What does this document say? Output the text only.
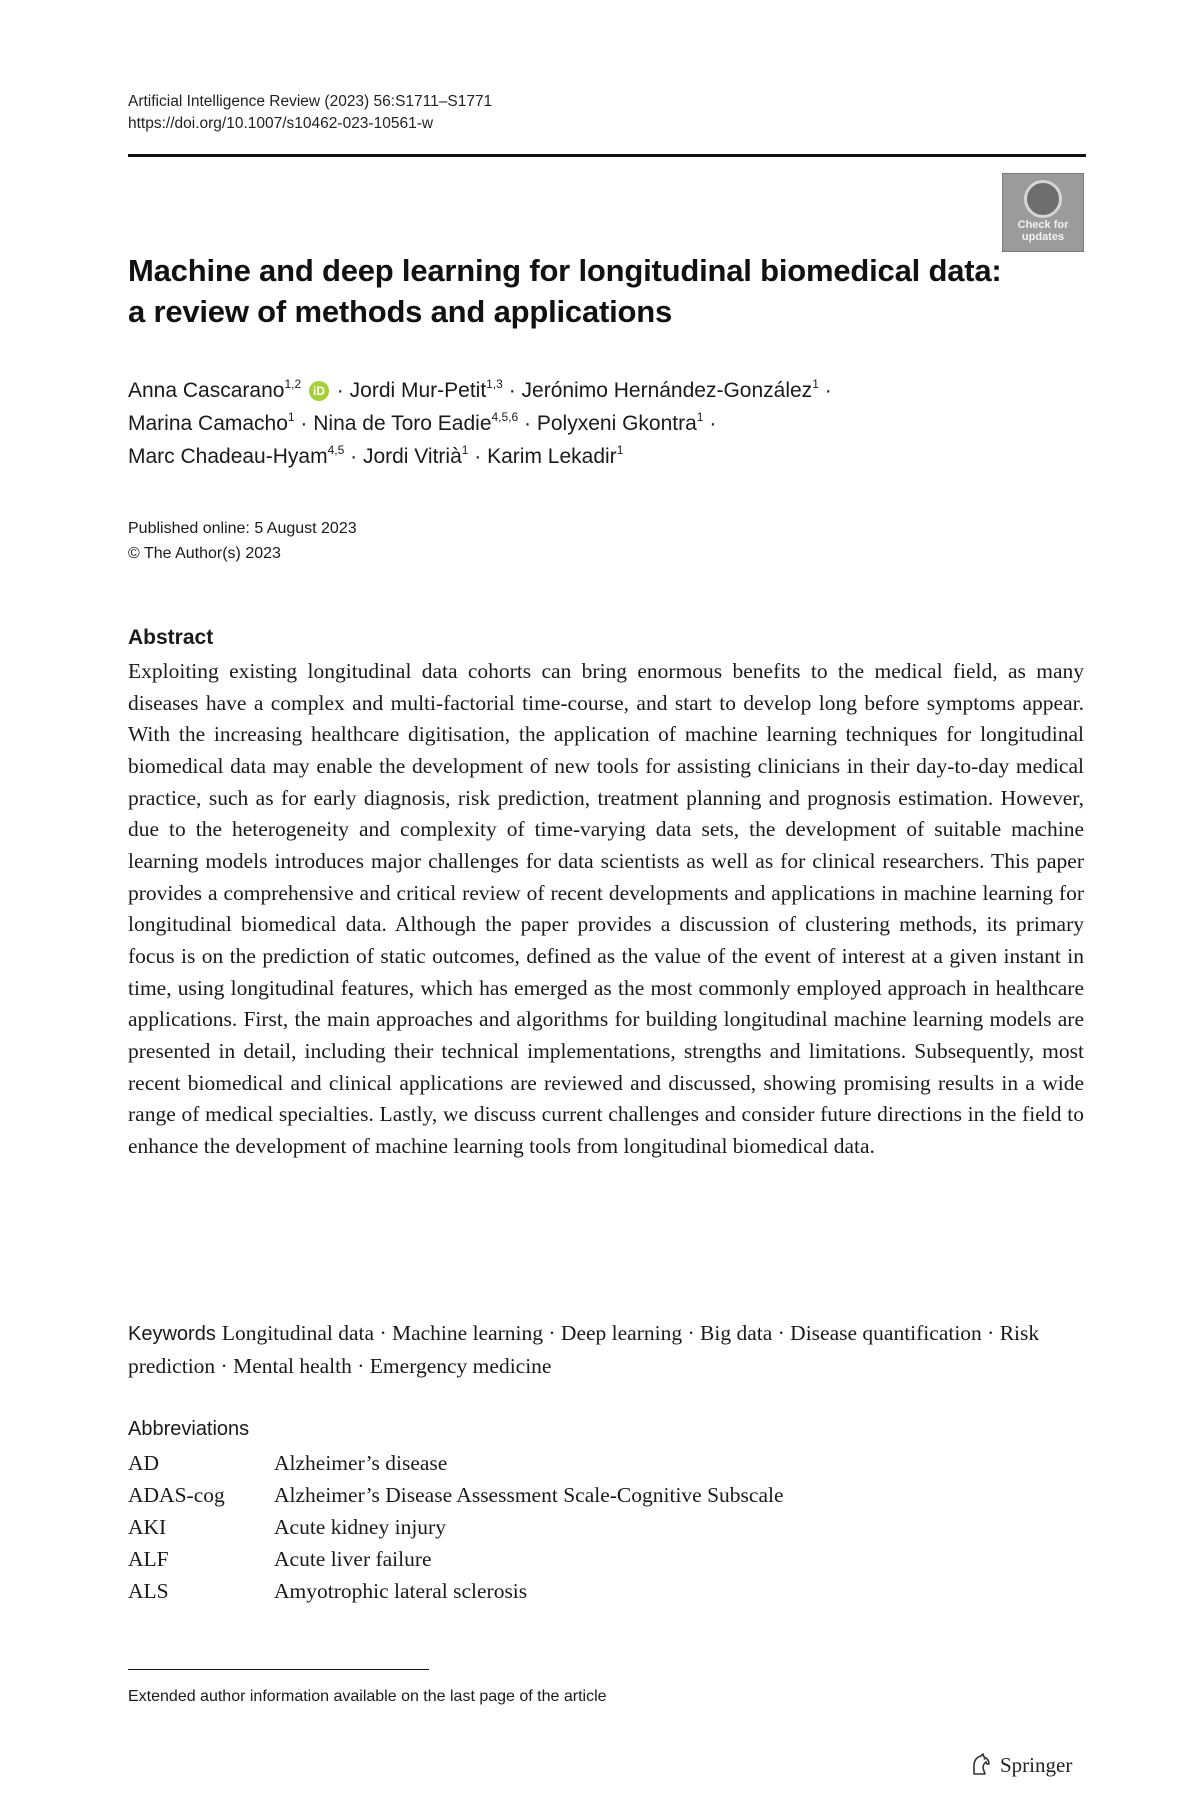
Artificial Intelligence Review (2023) 56:S1711–S1771
https://doi.org/10.1007/s10462-023-10561-w
Check for updates
Machine and deep learning for longitudinal biomedical data:
a review of methods and applications
Anna Cascarano$^{1,2}$ iD · Jordi Mur-Petit$^{1,3}$ · Jerónimo Hernández-González$^1$ ·
Marina Camacho$^1$ · Nina de Toro Eadie$^{4,5,6}$ · Polyxeni Gkontra$^1$ ·
Marc Chadeau-Hyam$^{4,5}$ · Jordi Vitrià$^1$ · Karim Lekadir$^1$
Published online: 5 August 2023
© The Author(s) 2023
Abstract
Exploiting existing longitudinal data cohorts can bring enormous benefits to the medical field, as many diseases have a complex and multi-factorial time-course, and start to develop long before symptoms appear. With the increasing healthcare digitisation, the application of machine learning techniques for longitudinal biomedical data may enable the development of new tools for assisting clinicians in their day-to-day medical practice, such as for early diagnosis, risk prediction, treatment planning and prognosis estimation. However, due to the heterogeneity and complexity of time-varying data sets, the development of suitable machine learning models introduces major challenges for data scientists as well as for clinical researchers. This paper provides a comprehensive and critical review of recent developments and applications in machine learning for longitudinal biomedical data. Although the paper provides a discussion of clustering methods, its primary focus is on the prediction of static outcomes, defined as the value of the event of interest at a given instant in time, using longitudinal features, which has emerged as the most commonly employed approach in healthcare applications. First, the main approaches and algorithms for building longitudinal machine learning models are presented in detail, including their technical implementations, strengths and limitations. Subsequently, most recent biomedical and clinical applications are reviewed and discussed, showing promising results in a wide range of medical specialties. Lastly, we discuss current challenges and consider future directions in the field to enhance the development of machine learning tools from longitudinal biomedical data.
Keywords Longitudinal data · Machine learning · Deep learning · Big data · Disease quantification · Risk prediction · Mental health · Emergency medicine
Abbreviations
AD	Alzheimer’s disease
ADAS-cog	Alzheimer’s Disease Assessment Scale-Cognitive Subscale
AKI	Acute kidney injury
ALF	Acute liver failure
ALS	Amyotrophic lateral sclerosis
Extended author information available on the last page of the article
Springer
